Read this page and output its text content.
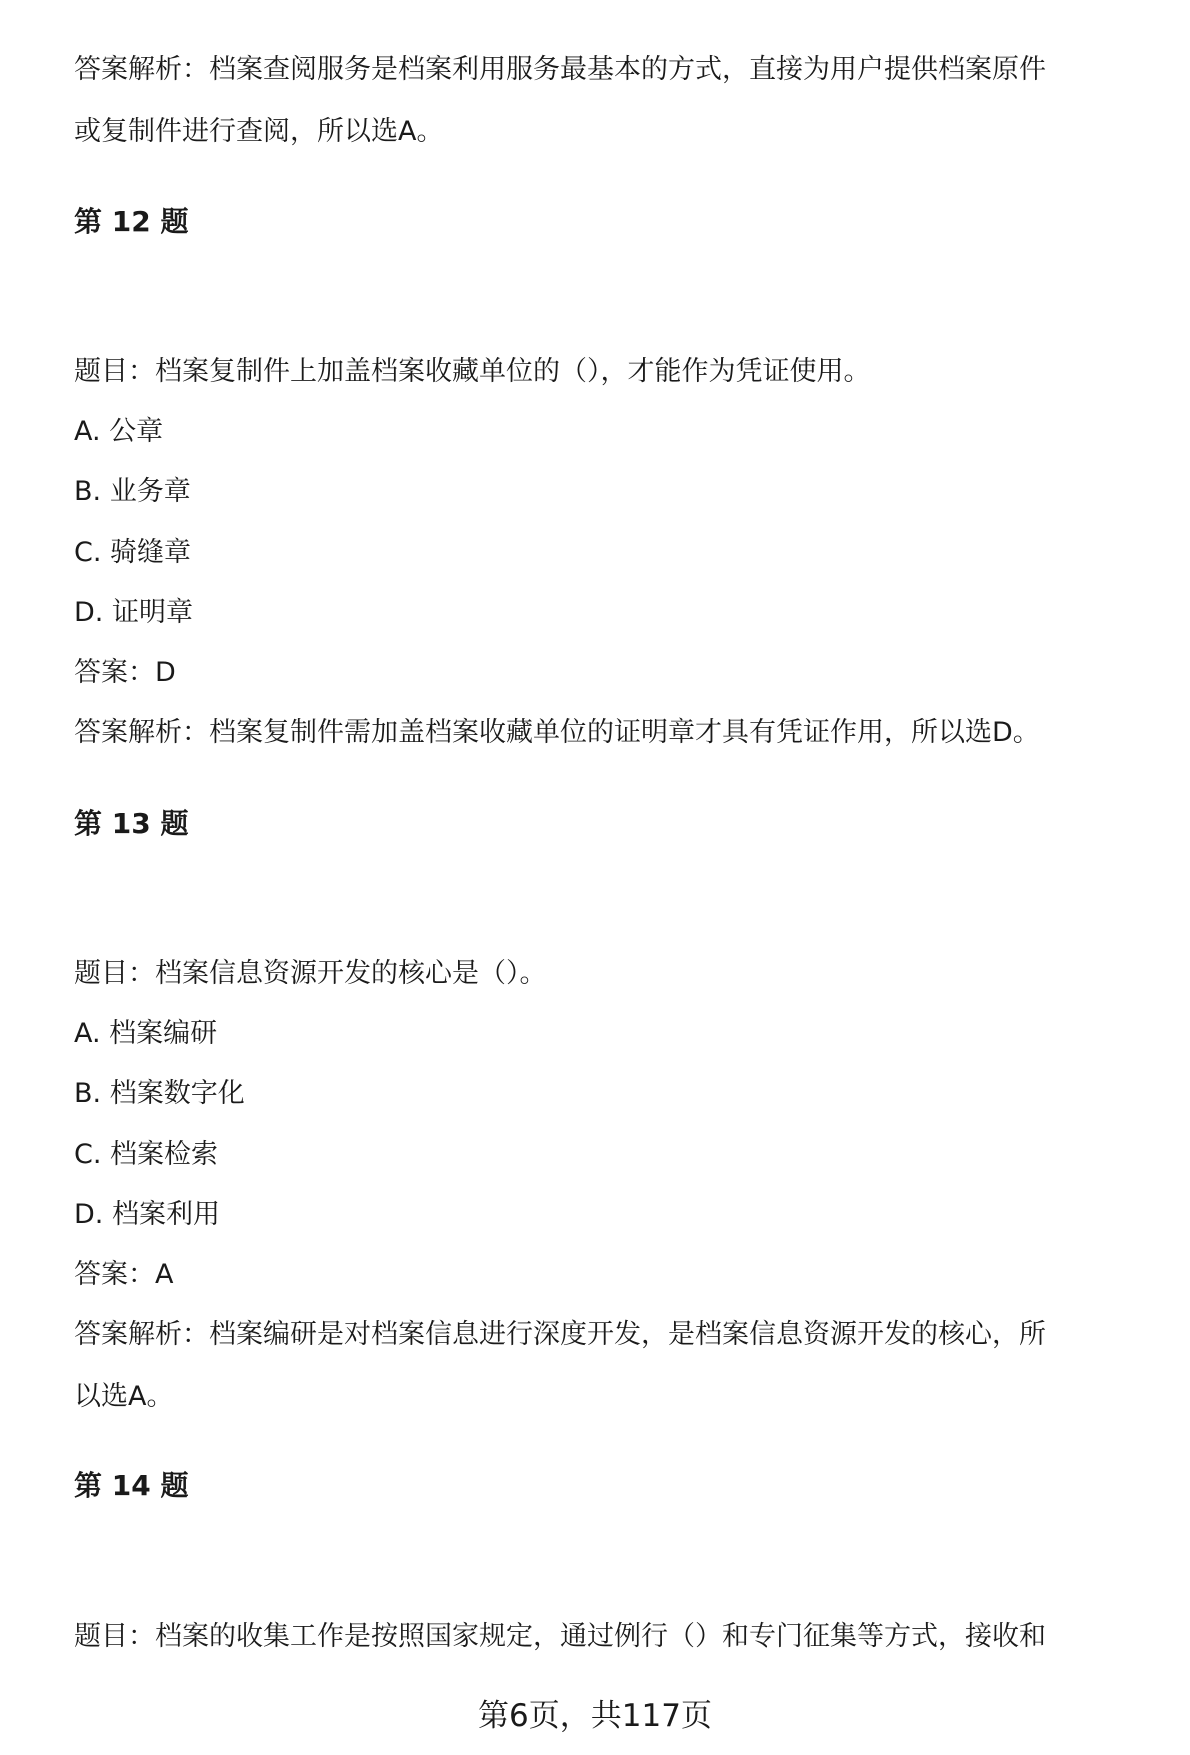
答案解析：档案查阅服务是档案利用服务最基本的方式，直接为用户提供档案原件
或复制件进行查阅，所以选A。
第 12 题
题目：档案复制件上加盖档案收藏单位的（），才能作为凭证使用。
A. 公章
B. 业务章
C. 骑缝章
D. 证明章
答案：D
答案解析：档案复制件需加盖档案收藏单位的证明章才具有凭证作用，所以选D。
第 13 题
题目：档案信息资源开发的核心是（）。
A. 档案编研
B. 档案数字化
C. 档案检索
D. 档案利用
答案：A
答案解析：档案编研是对档案信息进行深度开发，是档案信息资源开发的核心，所
以选A。
第 14 题
题目：档案的收集工作是按照国家规定，通过例行（）和专门征集等方式，接收和
第6页，共117页
